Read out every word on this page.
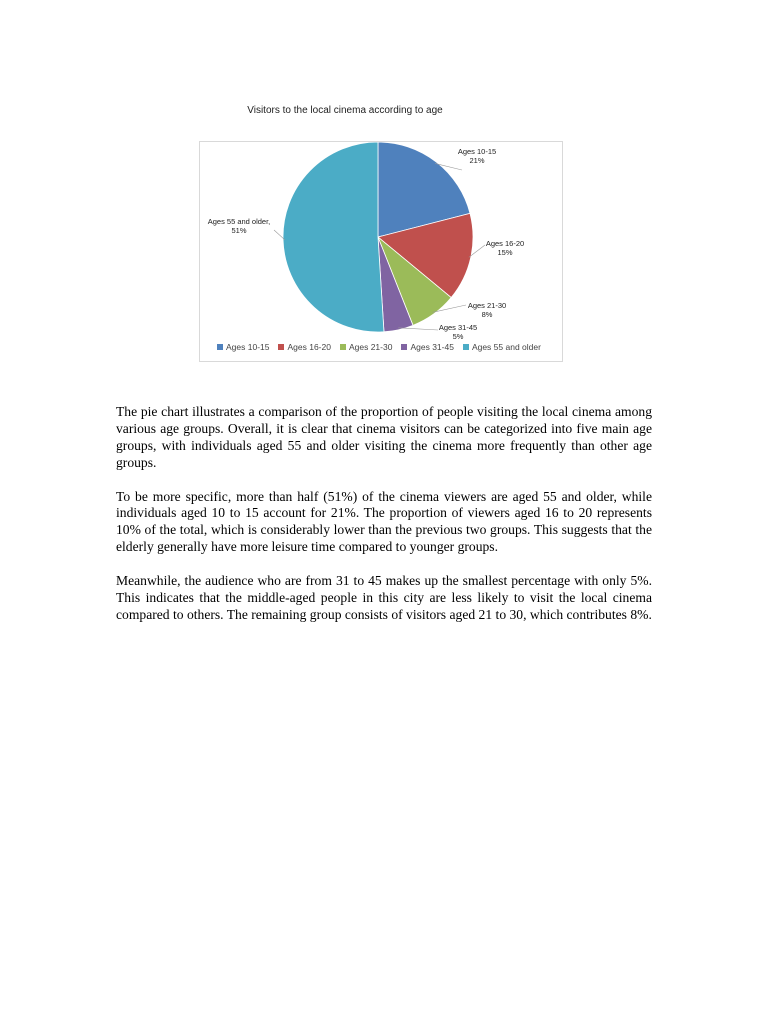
Visitors to the local cinema according to age
Ages 10-15
21%
Ages 16-20
15%
Ages 21-30
8%
Ages 31-45
5%
Ages 55 and older,
51%
Ages 10-15 Ages 16-20 Ages 21-30 Ages 31-45 Ages 55 and older

The pie chart illustrates a comparison of the proportion of people visiting the local cinema among various age groups. Overall, it is clear that cinema visitors can be categorized into five main age groups, with individuals aged 55 and older visiting the cinema more frequently than other age groups.

To be more specific, more than half (51%) of the cinema viewers are aged 55 and older, while individuals aged 10 to 15 account for 21%. The proportion of viewers aged 16 to 20 represents 10% of the total, which is considerably lower than the previous two groups. This suggests that the elderly generally have more leisure time compared to younger groups.

Meanwhile, the audience who are from 31 to 45 makes up the smallest percentage with only 5%. This indicates that the middle-aged people in this city are less likely to visit the local cinema compared to others. The remaining group consists of visitors aged 21 to 30, which contributes 8%.
